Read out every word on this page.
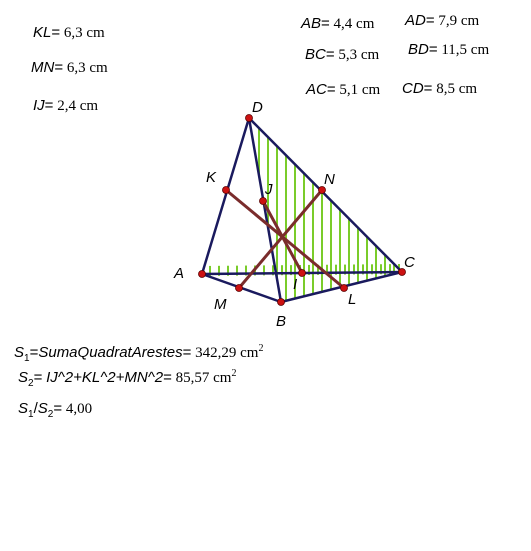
KL= 6,3 cm
MN= 6,3 cm
IJ= 2,4 cm
AB= 4,4 cm
BC= 5,3 cm
AC= 5,1 cm
AD= 7,9 cm
BD= 11,5 cm
CD= 8,5 cm
D
K
J
N
A
I
C
M	L
B
$S_1=SumaQuadratArestes= 342,29$ $cm^2$
$S_2=$ IJ^2+KL^2+MN^2= 85,57 $cm^2$
$S_1/S_2= 4,00$
